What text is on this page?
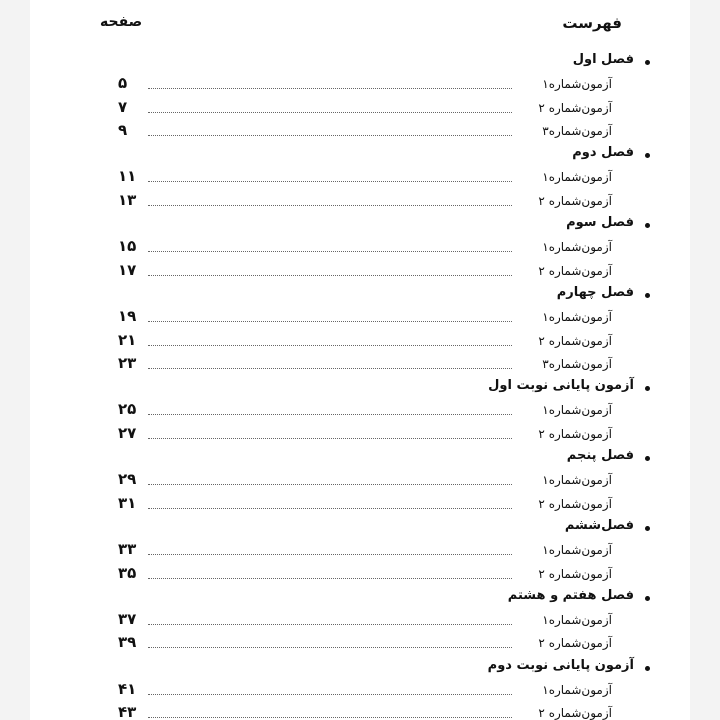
فهرست
صفحه
فصل اول
آزمون‌شماره۱
۵
آزمون‌شماره ۲
۷
آزمون‌شماره۳
۹
فصل دوم
آزمون‌شماره۱
۱۱
آزمون‌شماره ۲
۱۳
فصل سوم
آزمون‌شماره۱
۱۵
آزمون‌شماره ۲
۱۷
فصل چهارم
آزمون‌شماره۱
۱۹
آزمون‌شماره ۲
۲۱
آزمون‌شماره۳
۲۳
آزمون پایانی نوبت اول
آزمون‌شماره۱
۲۵
آزمون‌شماره ۲
۲۷
فصل پنجم
آزمون‌شماره۱
۲۹
آزمون‌شماره ۲
۳۱
فصل‌ششم
آزمون‌شماره۱
۳۳
آزمون‌شماره ۲
۳۵
فصل هفتم و هشتم
آزمون‌شماره۱
۳۷
آزمون‌شماره ۲
۳۹
آزمون پایانی نوبت دوم
آزمون‌شماره۱
۴۱
آزمون‌شماره ۲
۴۳
